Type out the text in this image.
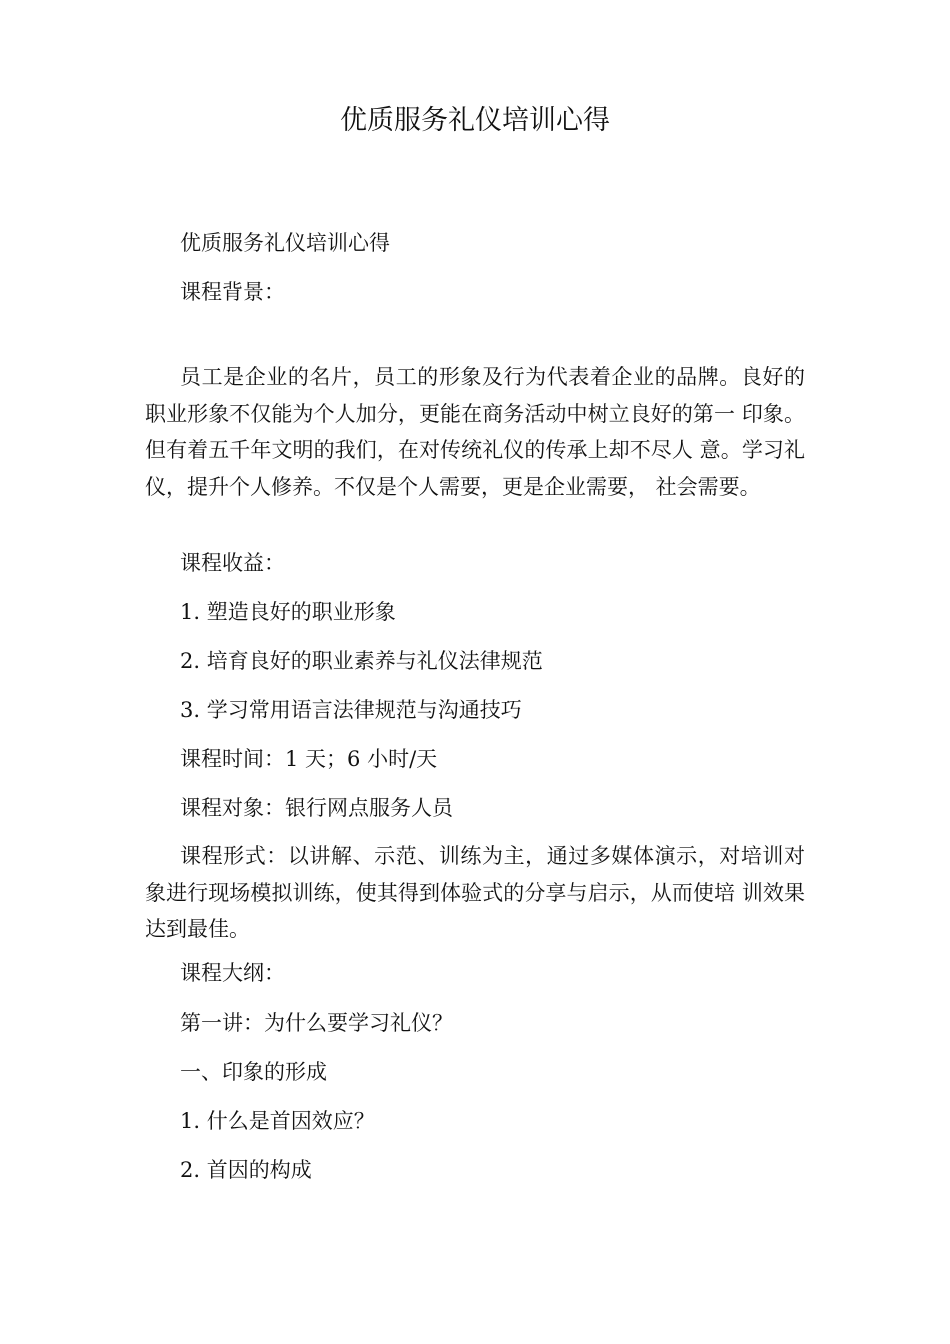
优质服务礼仪培训心得
优质服务礼仪培训心得
课程背景：
员工是企业的名片，员工的形象及行为代表着企业的品牌。良好的职业形象不仅能为个人加分，更能在商务活动中树立良好的第一 印象。但有着五千年文明的我们，在对传统礼仪的传承上却不尽人 意。学习礼仪，提升个人修养。不仅是个人需要，更是企业需要， 社会需要。
课程收益：
1. 塑造良好的职业形象
2. 培育良好的职业素养与礼仪法律规范
3. 学习常用语言法律规范与沟通技巧
课程时间：1 天；6 小时/天
课程对象：银行网点服务人员
课程形式：以讲解、示范、训练为主，通过多媒体演示，对培训对象进行现场模拟训练，使其得到体验式的分享与启示，从而使培 训效果达到最佳。
课程大纲：
第一讲：为什么要学习礼仪？
一、印象的形成
1. 什么是首因效应？
2. 首因的构成
